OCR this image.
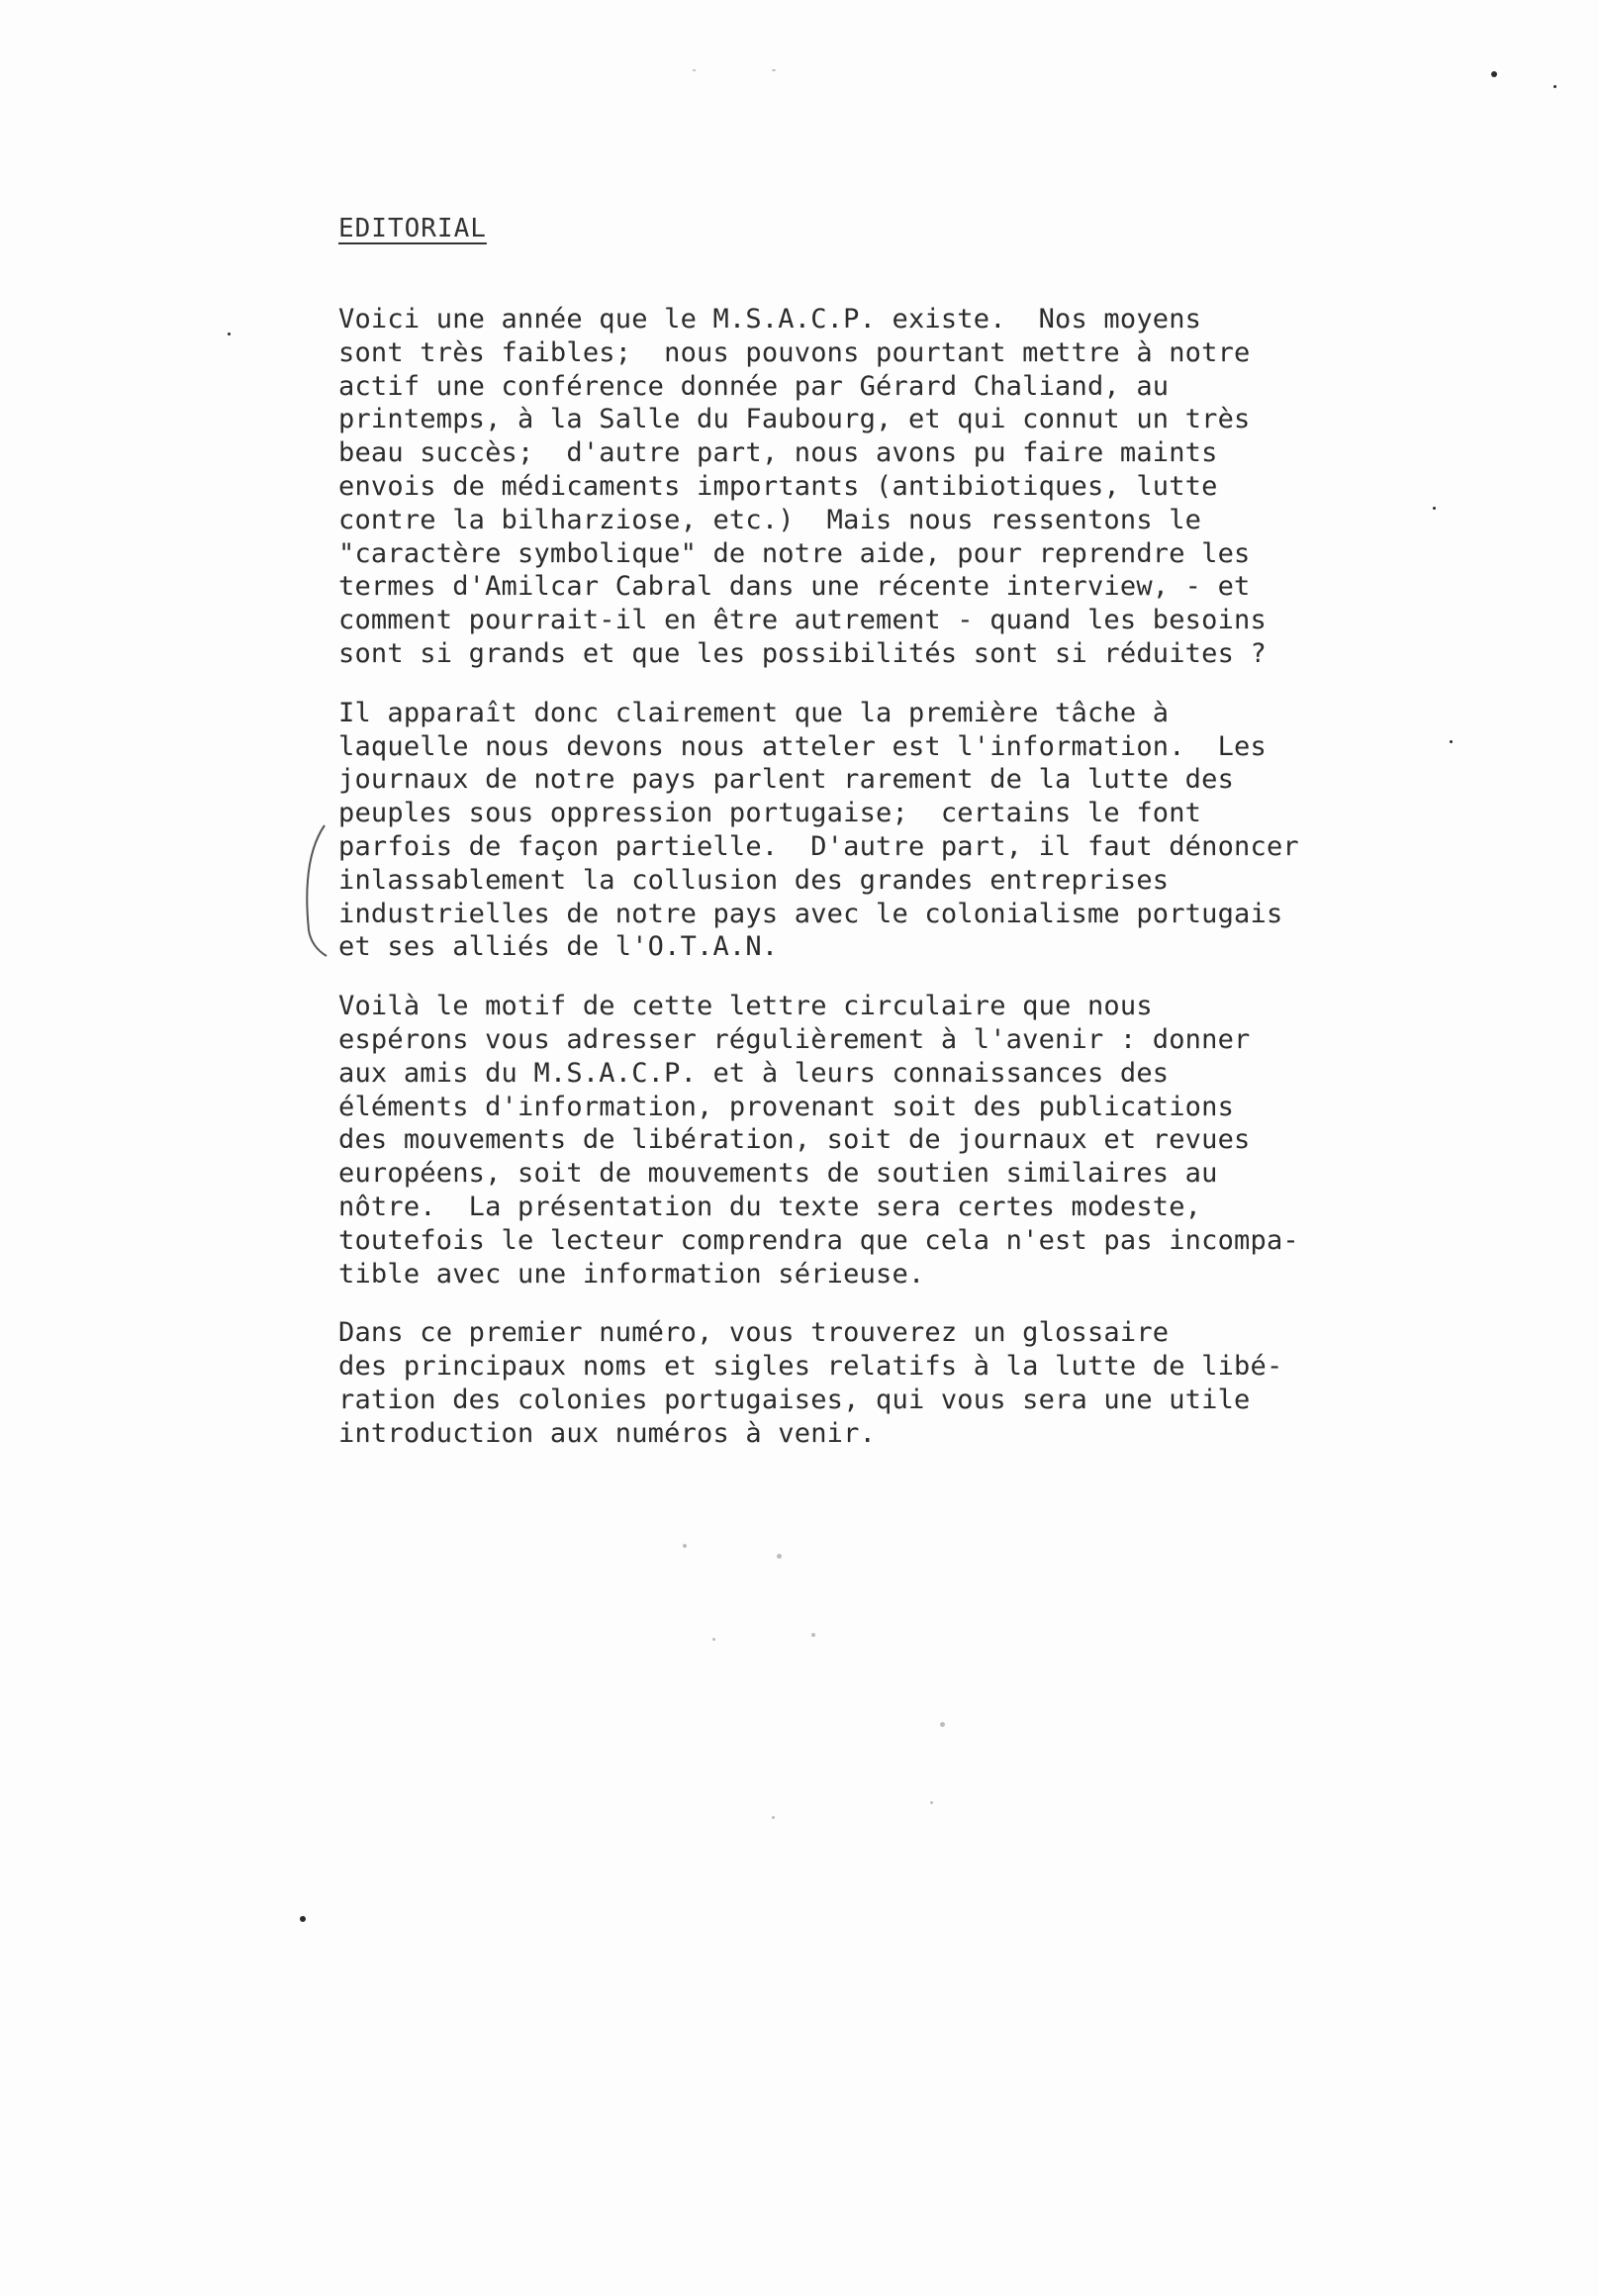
EDITORIAL
Voici une année que le M.S.A.C.P. existe.  Nos moyens
sont très faibles;  nous pouvons pourtant mettre à notre
actif une conférence donnée par Gérard Chaliand, au
printemps, à la Salle du Faubourg, et qui connut un très
beau succès;  d'autre part, nous avons pu faire maints
envois de médicaments importants (antibiotiques, lutte
contre la bilharziose, etc.)  Mais nous ressentons le
"caractère symbolique" de notre aide, pour reprendre les
termes d'Amilcar Cabral dans une récente interview, - et
comment pourrait-il en être autrement - quand les besoins
sont si grands et que les possibilités sont si réduites ?
Il apparaît donc clairement que la première tâche à
laquelle nous devons nous atteler est l'information.  Les
journaux de notre pays parlent rarement de la lutte des
peuples sous oppression portugaise;  certains le font
parfois de façon partielle.  D'autre part, il faut dénoncer
inlassablement la collusion des grandes entreprises
industrielles de notre pays avec le colonialisme portugais
et ses alliés de l'O.T.A.N.
Voilà le motif de cette lettre circulaire que nous
espérons vous adresser régulièrement à l'avenir : donner
aux amis du M.S.A.C.P. et à leurs connaissances des
éléments d'information, provenant soit des publications
des mouvements de libération, soit de journaux et revues
européens, soit de mouvements de soutien similaires au
nôtre.  La présentation du texte sera certes modeste,
toutefois le lecteur comprendra que cela n'est pas incompa-
tible avec une information sérieuse.
Dans ce premier numéro, vous trouverez un glossaire
des principaux noms et sigles relatifs à la lutte de libé-
ration des colonies portugaises, qui vous sera une utile
introduction aux numéros à venir.
